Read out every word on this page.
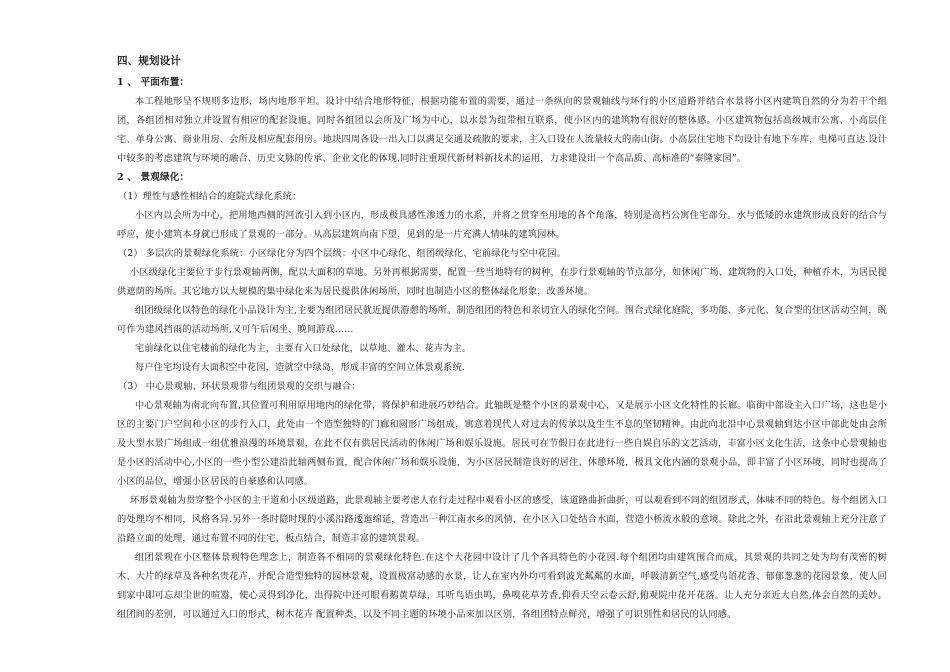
四、规划设计
1 、 平面布置：
本工程地形呈不规则多边形，场内地形平坦。设计中结合地形特征，根据功能布置的需要，通过一条纵向的景观轴线与环行的小区道路并结合水景将小区内建筑自然的分为若干个组团，各组团相对独立并设置有相应的配套设施。同时各组团以会所及广场为中心，以水景为纽带相互联系，使小区内的建筑物有很好的整体感。小区建筑物包括高级城市公寓、小高层住宅、单身公寓、商业用房、会所及相应配套用房。地块四周各设一出入口以满足交通及疏散的要求，主入口设在人流量较大的南山街。小高层住宅地下均设计有地下车库，电梯可直达.设计中较多的考虑建筑与环境的融合、历史文脉的传承、企业文化的体现,同时注重现代新材料新技术的运用，力求建设出一个高品质、高标准的“泰隆家园”。
2 、 景观绿化：
（1）理性与感性相结合的庭院式绿化系统：
小区内以会所为中心，把用地西侧的河流引入到小区内，形成极具感性渗透力的水系，并将之贯穿至用地的各个角落，特别是高档公寓住宅部分。水与低矮的水建筑形成良好的结合与呼应，使小建筑本身就已形成了景观的一部分。从高层建筑向南下望，见到的是一片充满人情味的建筑园林。
（2） 多层次的景观绿化系统：小区绿化分为四个层级：小区中心绿化、组团级绿化、宅前绿化与空中花园。
小区级绿化主要位于步行景观轴两侧，配以大面积的草地。另外再根据需要，配置一些当地特有的树种，在步行景观轴的节点部分，如休闲广场、建筑物的入口处，种植乔木，为居民提供遮荫的场所。其它地方以大规模的集中绿化来为居民提供休闲场所，同时也制造小区的整体绿化形象，改善环境。
组团级绿化以特色的绿化小品设计为主,主要为组团居民就近提供游憩的场所。制造组团的特色和亲切宜人的绿化空间。围合式绿化庭院，多功能、多元化、复合型的住区活动空间，既可作为建风挡雨的活动场所,又可午后闲坐、晚间游戏……
宅前绿化以住宅楼前的绿化为主，主要有入口处绿化，以草地、灌木、花卉为主。
每户住宅均设有大面积空中花园，造就空中绿岛，形成丰富的空间立体景观系统.
（3） 中心景观轴、环状景观带与组团景观的交织与融合：
中心景观轴为南北向布置,其位置可利用原用地内的绿化带，将保护和进展巧妙结合。此轴既是整个小区的景观中心，又是展示小区文化特性的长廊。临街中部设主入口广场，这也是小区的主要门户空间和小区的步行入口，此处由一个造型独特的门廊和圆形广场组成，寓意着现代人对过去的传承以及生生不息的坚韧精神。由此向北沿中心景观轴到达小区中部此处由会所及大型水景广场组成一组优雅浪漫的环境景观，在此不仅有供居民活动的休闲广场和娱乐设施。居民可在节假日在此进行一些自娱自乐的文艺活动，丰富小区文化生活，这条中心景观轴也是小区的活动中心,小区的一些小型公建沿此轴两侧布置，配合休闲广场和娱乐设施，为小区居民制造良好的居住、休憩环境，极具文化内涵的景观小品，即丰富了小区环境，同时也提高了小区的品位，增强小区居民的自豪感和认同感。
环形景观轴为贯穿整个小区的主干道和小区级道路，此景观轴主要考虑人在行走过程中观看小区的感受，该道路曲折曲折，可以观看到不同的组团形式，体味不同的特色。每个组团入口的处理均不相同，风格各异.另外一条时隐时现的小溪沿路逶迤绵延，营造出一种江南水乡的风情，在小区入口处结合水面，营造小桥流水般的意境。除此之外，在沿此景观轴上充分注意了沿路立面的处理，通过布置不同的住宅，板点结合，制造丰富的建筑景观。
组团景观在小区整体景观特色理念上，制造各不相同的景观绿化特色.在这个大花园中设计了几个各具特色的小花园.每个组团均由建筑围合而成，其景观的共同之处为均有茂密的树木、大片的绿草及各种名贵花卉，并配合造型独特的园林景观，设置极富动感的水景，让人在室内外均可看到波光粼粼的水面，呼吸清新空气,感受鸟语花香、郁郁葱葱的花园景象，使人回到家中即可忘却尘世的喧嚣，使心灵得到净化，出得院中还可眼看鹅黄草绿，耳听鸟语虫鸣，鼻嗅花草芳香,仰看天空云卷云舒,俯观院中花开花落。让人充分亲近大自然,体会自然的美妙。组团间的差别，可以通过入口的形式，树木花卉 配置种类，以及不同主题的环境小品来加以区别，各组团特点鲜亮，增强了可识别性和居民的认同感。
